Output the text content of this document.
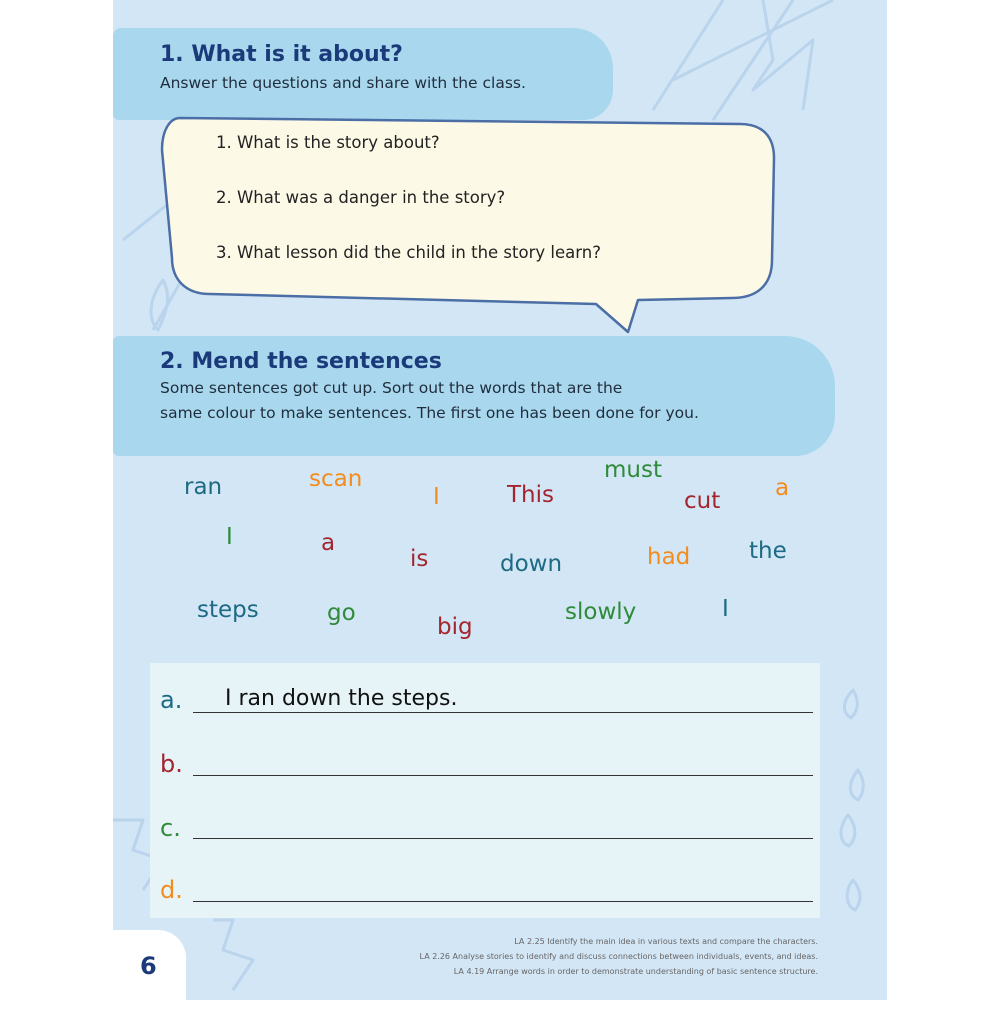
1. What is it about?
Answer the questions and share with the class.
1. What is the story about?
2. What was a danger in the story?
3. What lesson did the child in the story learn?
2. Mend the sentences
Some sentences got cut up. Sort out the words that are the
same colour to make sentences. The first one has been done for you.
ran	scan
I	This
must
cut a
I	a
is	down	had	the
steps	go
big
slowly	I
a. I ran down the steps.
b.
c.
d.
6
LA 2.25 Identify the main idea in various texts and compare the characters.
LA 2.26 Analyse stories to identify and discuss connections between individuals, events, and ideas.
LA 4.19 Arrange words in order to demonstrate understanding of basic sentence structure.
